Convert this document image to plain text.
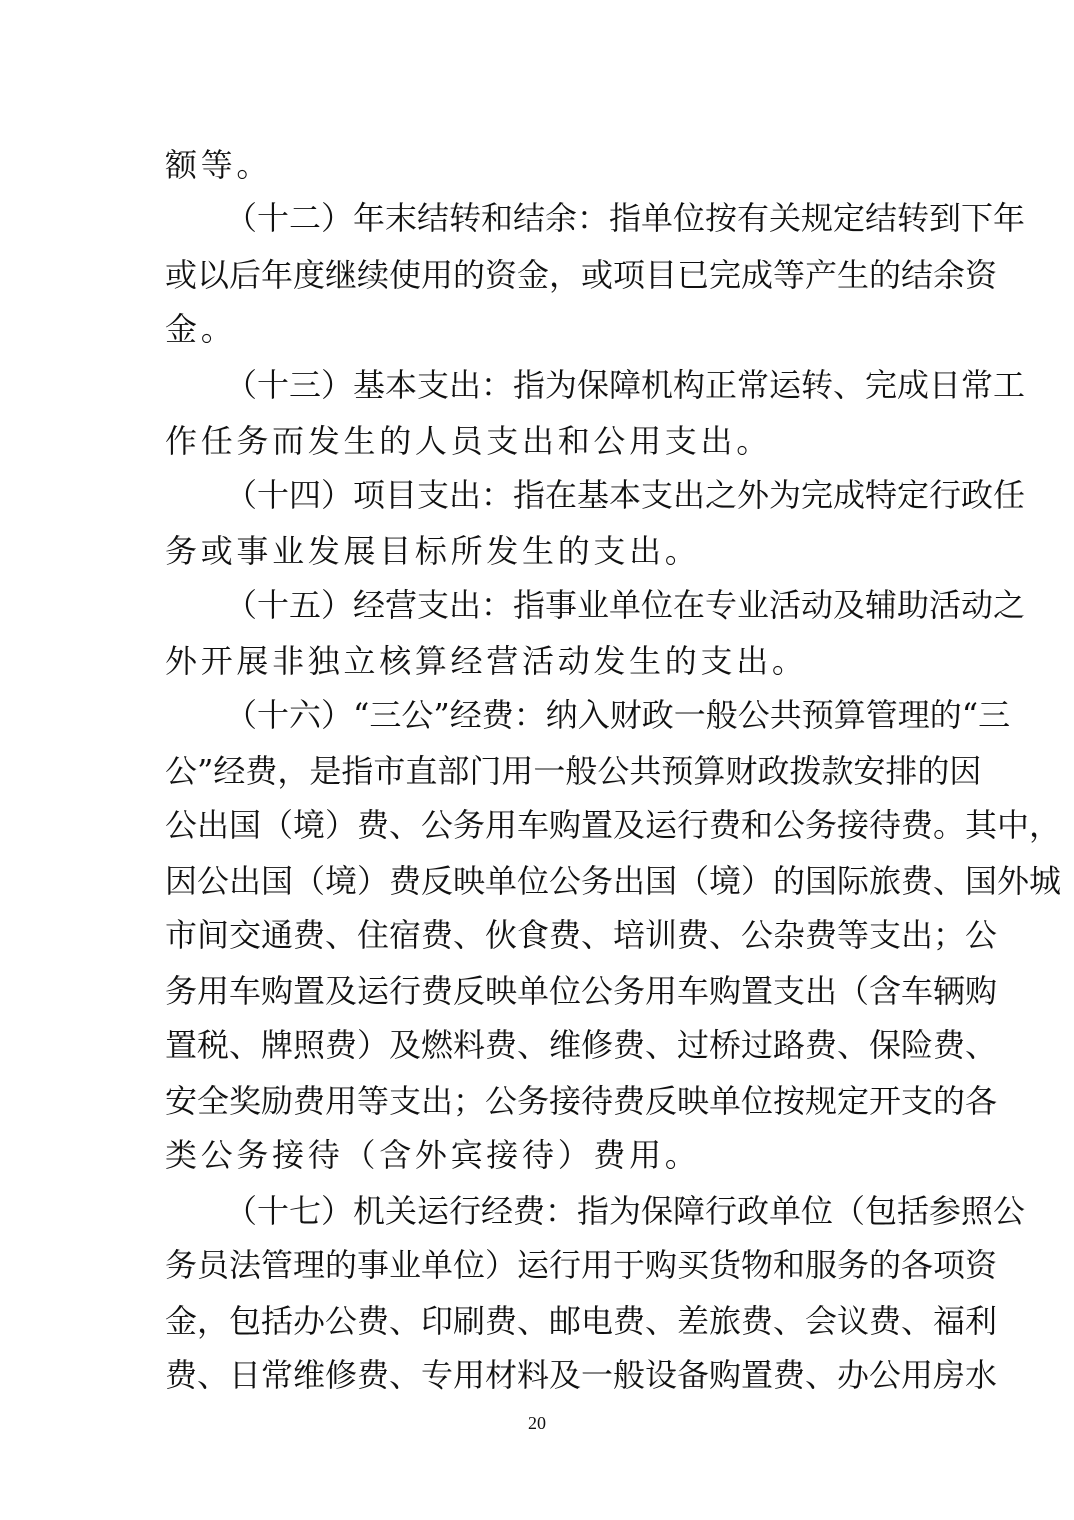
额等。
（十二）年末结转和结余：指单位按有关规定结转到下年
或以后年度继续使用的资金，或项目已完成等产生的结余资
金。
（十三）基本支出：指为保障机构正常运转、完成日常工
作任务而发生的人员支出和公用支出。
（十四）项目支出：指在基本支出之外为完成特定行政任
务或事业发展目标所发生的支出。
（十五）经营支出：指事业单位在专业活动及辅助活动之
外开展非独立核算经营活动发生的支出。
（十六）“三公”经费：纳入财政一般公共预算管理的“三
公”经费，是指市直部门用一般公共预算财政拨款安排的因
公出国（境）费、公务用车购置及运行费和公务接待费。其中，
因公出国（境）费反映单位公务出国（境）的国际旅费、国外城
市间交通费、住宿费、伙食费、培训费、公杂费等支出；公
务用车购置及运行费反映单位公务用车购置支出（含车辆购
置税、牌照费）及燃料费、维修费、过桥过路费、保险费、
安全奖励费用等支出；公务接待费反映单位按规定开支的各
类公务接待（含外宾接待）费用。
（十七）机关运行经费：指为保障行政单位（包括参照公
务员法管理的事业单位）运行用于购买货物和服务的各项资
金，包括办公费、印刷费、邮电费、差旅费、会议费、福利
费、日常维修费、专用材料及一般设备购置费、办公用房水
20
